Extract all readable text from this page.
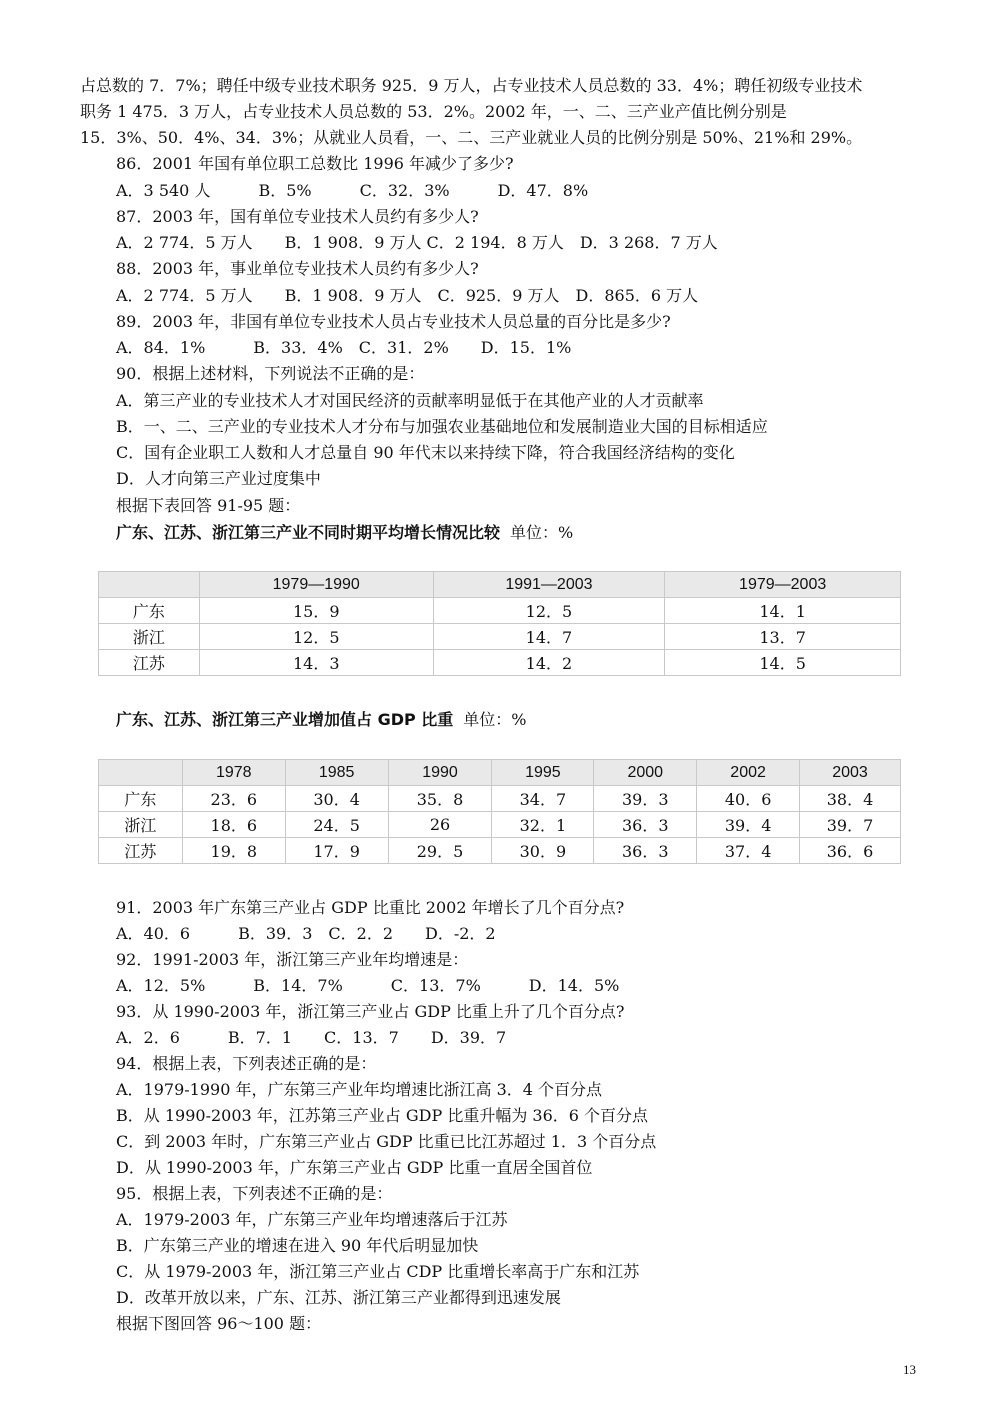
占总数的 7．7%；聘任中级专业技术职务 925．9 万人，占专业技术人员总数的 33．4%；聘任初级专业技术
职务 1 475．3 万人，占专业技术人员总数的 53．2%。2002 年，一、二、三产业产值比例分别是
15．3%、50．4%、34．3%；从就业人员看，一、二、三产业就业人员的比例分别是 50%、21%和 29%。
86．2001 年国有单位职工总数比 1996 年减少了多少?
A．3 540 人　　　B．5%　　　C．32．3%　　　D．47．8%
87．2003 年，国有单位专业技术人员约有多少人?
A．2 774．5 万人　　B．1 908．9 万人 C．2 194．8 万人　D．3 268．7 万人
88．2003 年，事业单位专业技术人员约有多少人?
A．2 774．5 万人　　B．1 908．9 万人　C．925．9 万人　D．865．6 万人
89．2003 年，非国有单位专业技术人员占专业技术人员总量的百分比是多少?
A．84．1%　　　B．33．4%　C．31．2%　　D．15．1%
90．根据上述材料，下列说法不正确的是：
A．第三产业的专业技术人才对国民经济的贡献率明显低于在其他产业的人才贡献率
B．一、二、三产业的专业技术人才分布与加强农业基础地位和发展制造业大国的目标相适应
C．国有企业职工人数和人才总量自 90 年代末以来持续下降，符合我国经济结构的变化
D．人才向第三产业过度集中
根据下表回答 91-95 题：
广东、江苏、浙江第三产业不同时期平均增长情况比较 单位：%
	1979—1990	1991—2003	1979—2003
广东	15．9	12．5	14．1
浙江	12．5	14．7	13．7
江苏	14．3	14．2	14．5
广东、江苏、浙江第三产业增加值占 GDP 比重 单位：%
	1978	1985	1990	1995	2000	2002	2003
广东	23．6	30．4	35．8	34．7	39．3	40．6	38．4
浙江	18．6	24．5	26	32．1	36．3	39．4	39．7
江苏	19．8	17．9	29．5	30．9	36．3	37．4	36．6
91．2003 年广东第三产业占 GDP 比重比 2002 年增长了几个百分点?
A．40．6　　　B．39．3　C．2．2　　D．-2．2
92．1991-2003 年，浙江第三产业年均增速是：
A．12．5%　　　B．14．7%　　　C．13．7%　　　D．14．5%
93．从 1990-2003 年，浙江第三产业占 GDP 比重上升了几个百分点?
A．2．6　　　B．7．1　　C．13．7　　D．39．7
94．根据上表，下列表述正确的是：
A．1979-1990 年，广东第三产业年均增速比浙江高 3．4 个百分点
B．从 1990-2003 年，江苏第三产业占 GDP 比重升幅为 36．6 个百分点
C．到 2003 年时，广东第三产业占 GDP 比重已比江苏超过 1．3 个百分点
D．从 1990-2003 年，广东第三产业占 GDP 比重一直居全国首位
95．根据上表，下列表述不正确的是：
A．1979-2003 年，广东第三产业年均增速落后于江苏
B．广东第三产业的增速在进入 90 年代后明显加快
C．从 1979-2003 年，浙江第三产业占 CDP 比重增长率高于广东和江苏
D．改革开放以来，广东、江苏、浙江第三产业都得到迅速发展
根据下图回答 96～100 题：
13
